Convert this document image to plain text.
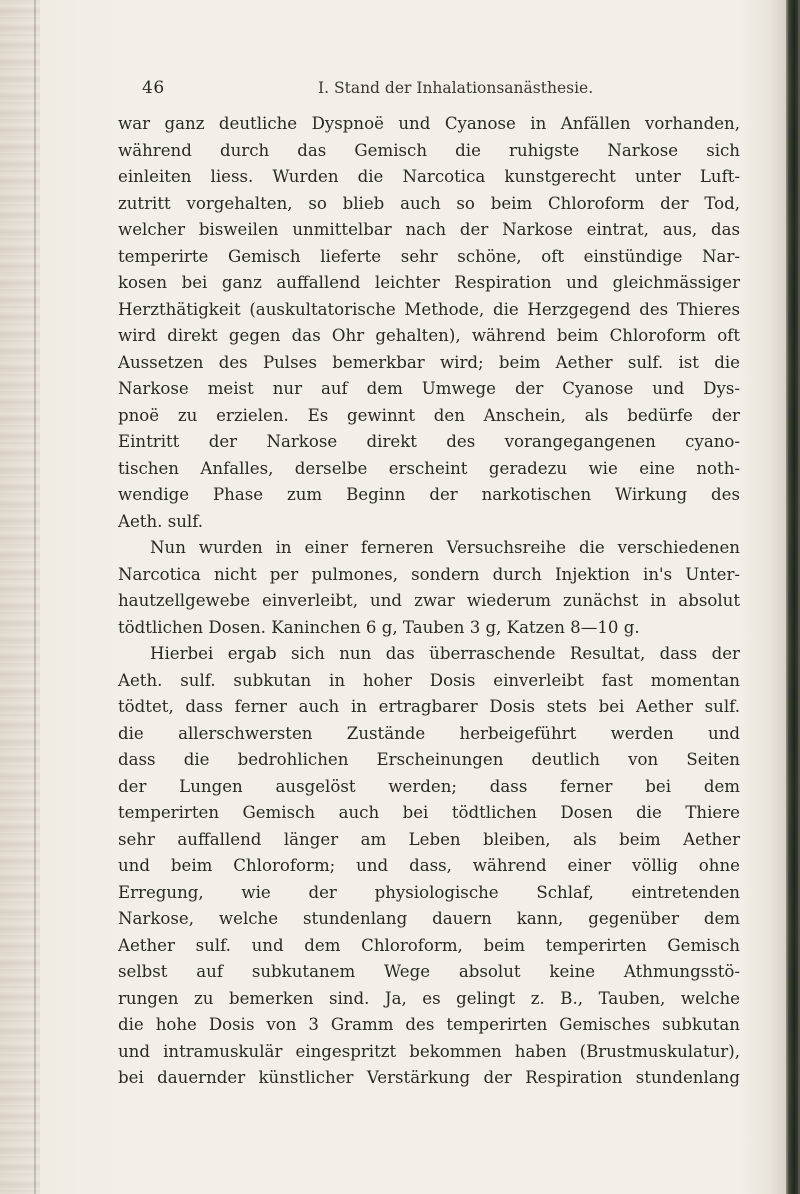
46	I. Stand der Inhalationsanästhesie.
war ganz deutliche Dyspnoë und Cyanose in Anfällen vorhanden,
während durch das Gemisch die ruhigste Narkose sich
einleiten liess. Wurden die Narcotica kunstgerecht unter Luft-
zutritt vorgehalten, so blieb auch so beim Chloroform der Tod,
welcher bisweilen unmittelbar nach der Narkose eintrat, aus, das
temperirte Gemisch lieferte sehr schöne, oft einstündige Nar-
kosen bei ganz auffallend leichter Respiration und gleichmässiger
Herzthätigkeit (auskultatorische Methode, die Herzgegend des Thieres
wird direkt gegen das Ohr gehalten), während beim Chloroform oft
Aussetzen des Pulses bemerkbar wird; beim Aether sulf. ist die
Narkose meist nur auf dem Umwege der Cyanose und Dys-
pnoë zu erzielen. Es gewinnt den Anschein, als bedürfe der
Eintritt der Narkose direkt des vorangegangenen cyano-
tischen Anfalles, derselbe erscheint geradezu wie eine noth-
wendige Phase zum Beginn der narkotischen Wirkung des
Aeth. sulf.
Nun wurden in einer ferneren Versuchsreihe die verschiedenen
Narcotica nicht per pulmones, sondern durch Injektion in's Unter-
hautzellgewebe einverleibt, und zwar wiederum zunächst in absolut
tödtlichen Dosen. Kaninchen 6 g, Tauben 3 g, Katzen 8—10 g.
Hierbei ergab sich nun das überraschende Resultat, dass der
Aeth. sulf. subkutan in hoher Dosis einverleibt fast momentan
tödtet, dass ferner auch in ertragbarer Dosis stets bei Aether sulf.
die allerschwersten Zustände herbeigeführt werden und
dass die bedrohlichen Erscheinungen deutlich von Seiten
der Lungen ausgelöst werden; dass ferner bei dem
temperirten Gemisch auch bei tödtlichen Dosen die Thiere
sehr auffallend länger am Leben bleiben, als beim Aether
und beim Chloroform; und dass, während einer völlig ohne
Erregung, wie der physiologische Schlaf, eintretenden
Narkose, welche stundenlang dauern kann, gegenüber dem
Aether sulf. und dem Chloroform, beim temperirten Gemisch
selbst auf subkutanem Wege absolut keine Athmungsstö-
rungen zu bemerken sind. Ja, es gelingt z. B., Tauben, welche
die hohe Dosis von 3 Gramm des temperirten Gemisches subkutan
und intramuskulär eingespritzt bekommen haben (Brustmuskulatur),
bei dauernder künstlicher Verstärkung der Respiration stundenlang
